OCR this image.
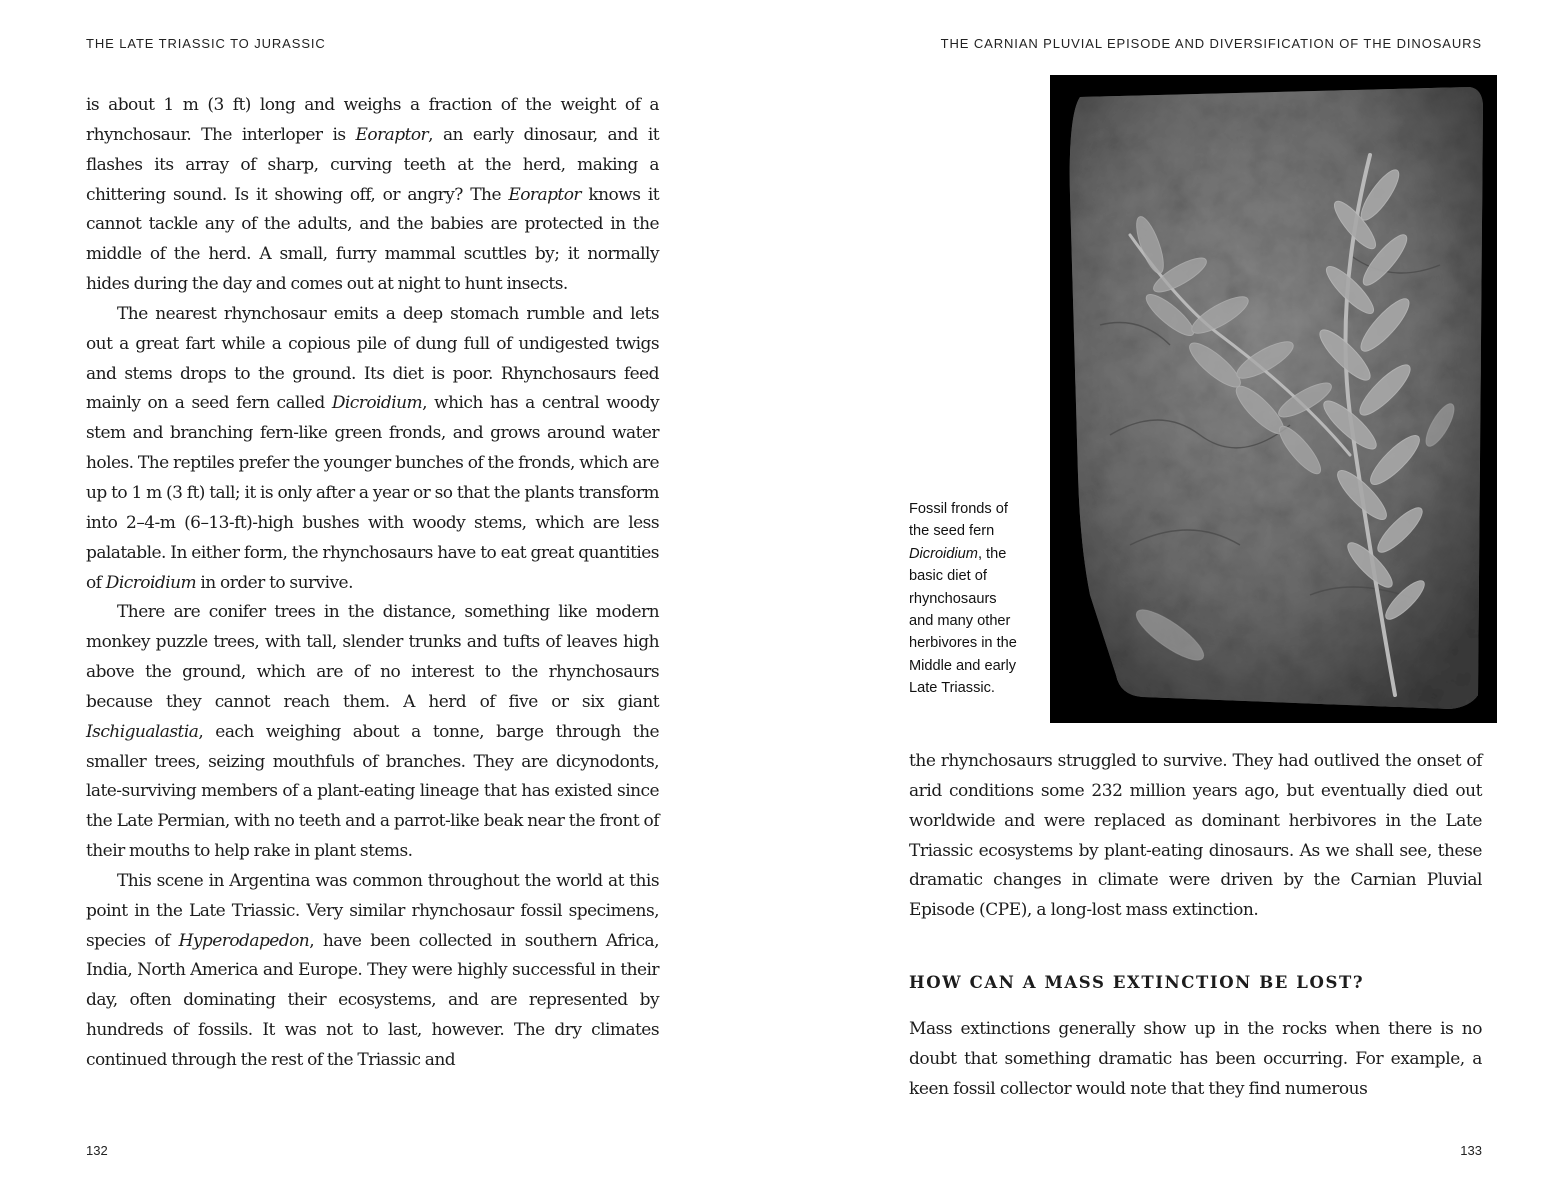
THE LATE TRIASSIC TO JURASSIC	THE CARNIAN PLUVIAL EPISODE AND DIVERSIFICATION OF THE DINOSAURS

is about 1 m (3 ft) long and weighs a fraction of the weight of a rhynchosaur. The interloper is Eoraptor, an early dinosaur, and it flashes its array of sharp, curving teeth at the herd, making a chittering sound. Is it showing off, or angry? The Eoraptor knows it cannot tackle any of the adults, and the babies are protected in the middle of the herd. A small, furry mammal scuttles by; it normally hides during the day and comes out at night to hunt insects.

The nearest rhynchosaur emits a deep stomach rumble and lets out a great fart while a copious pile of dung full of undigested twigs and stems drops to the ground. Its diet is poor. Rhynchosaurs feed mainly on a seed fern called Dicroidium, which has a central woody stem and branching fern-like green fronds, and grows around water holes. The reptiles prefer the younger bunches of the fronds, which are up to 1 m (3 ft) tall; it is only after a year or so that the plants transform into 2–4-m (6–13-ft)-high bushes with woody stems, which are less palatable. In either form, the rhynchosaurs have to eat great quantities of Dicroidium in order to survive.

There are conifer trees in the distance, something like modern monkey puzzle trees, with tall, slender trunks and tufts of leaves high above the ground, which are of no interest to the rhynchosaurs because they cannot reach them. A herd of five or six giant Ischigualastia, each weighing about a tonne, barge through the smaller trees, seizing mouthfuls of branches. They are dicynodonts, late-surviving members of a plant-eating lineage that has existed since the Late Permian, with no teeth and a parrot-like beak near the front of their mouths to help rake in plant stems.

This scene in Argentina was common throughout the world at this point in the Late Triassic. Very similar rhynchosaur fossil specimens, species of Hyperodapedon, have been collected in southern Africa, India, North America and Europe. They were highly successful in their day, often dominating their ecosystems, and are represented by hundreds of fossils. It was not to last, however. The dry climates continued through the rest of the Triassic and

Fossil fronds of
the seed fern
Dicroidium, the
basic diet of
rhynchosaurs
and many other
herbivores in the
Middle and early
Late Triassic.

the rhynchosaurs struggled to survive. They had outlived the onset of arid conditions some 232 million years ago, but eventually died out worldwide and were replaced as dominant herbivores in the Late Triassic ecosystems by plant-eating dinosaurs. As we shall see, these dramatic changes in climate were driven by the Carnian Pluvial Episode (CPE), a long-lost mass extinction.

HOW CAN A MASS EXTINCTION BE LOST?

Mass extinctions generally show up in the rocks when there is no doubt that something dramatic has been occurring. For example, a keen fossil collector would note that they find numerous

132	133
